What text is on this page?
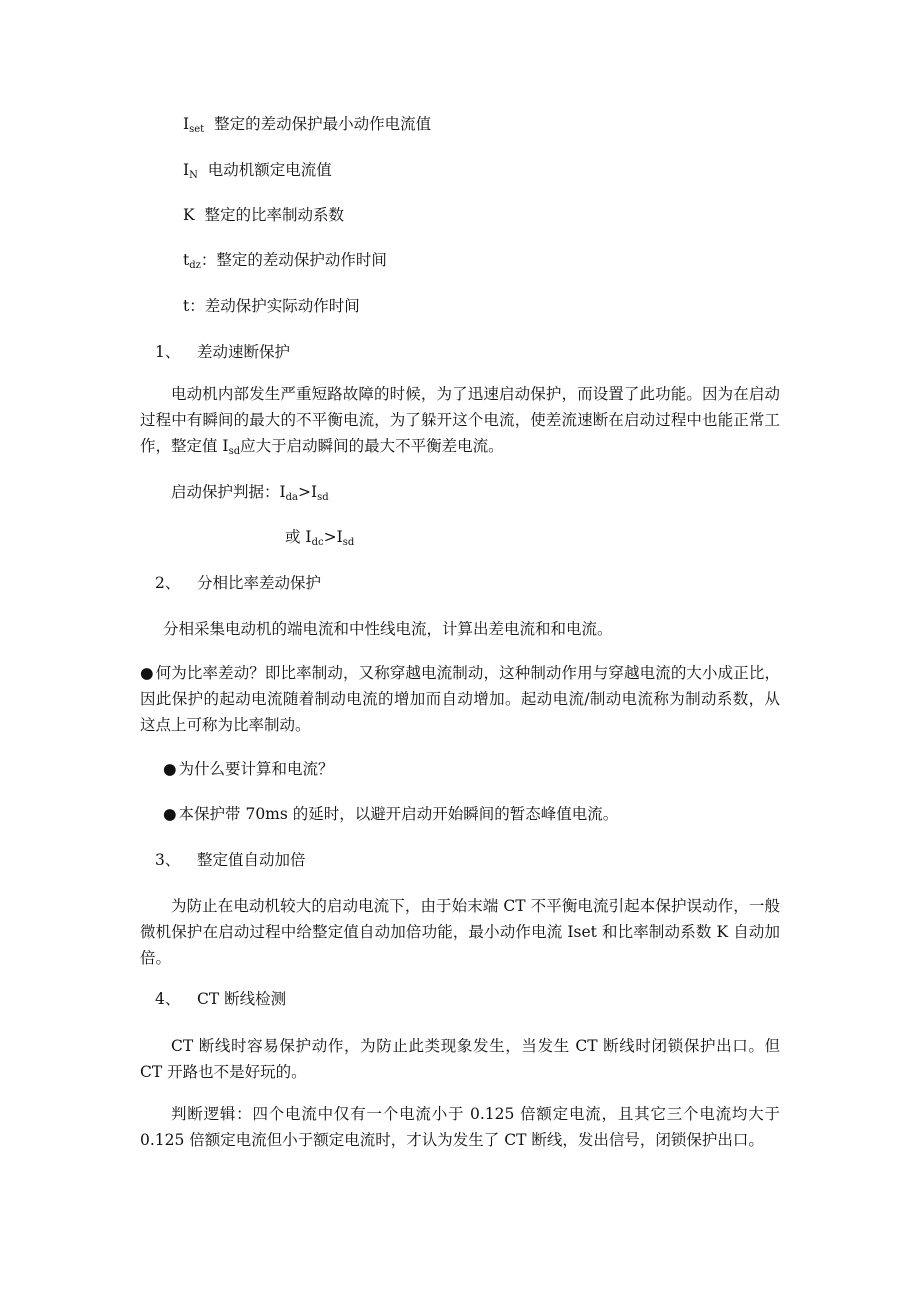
$I_{set}$ 整定的差动保护最小动作电流值
$I_N$ 电动机额定电流值
K 整定的比率制动系数
$t_{dz}$：整定的差动保护动作时间
t：差动保护实际动作时间
1、 差动速断保护
电动机内部发生严重短路故障的时候，为了迅速启动保护，而设置了此功能。因为在启动过程中有瞬间的最大的不平衡电流，为了躲开这个电流，使差流速断在启动过程中也能正常工作，整定值 $I_{sd}$应大于启动瞬间的最大不平衡差电流。
启动保护判据：$I_{da}>I_{sd}$
或 $I_{dc}>I_{sd}$
2、 分相比率差动保护
分相采集电动机的端电流和中性线电流，计算出差电流和和电流。
● 何为比率差动？即比率制动，又称穿越电流制动，这种制动作用与穿越电流的大小成正比，因此保护的起动电流随着制动电流的增加而自动增加。起动电流/制动电流称为制动系数，从这点上可称为比率制动。
● 为什么要计算和电流？
● 本保护带 70ms 的延时，以避开启动开始瞬间的暂态峰值电流。
3、 整定值自动加倍
为防止在电动机较大的启动电流下，由于始末端 CT 不平衡电流引起本保护误动作，一般微机保护在启动过程中给整定值自动加倍功能，最小动作电流 Iset 和比率制动系数 K 自动加倍。
4、 CT 断线检测
CT 断线时容易保护动作，为防止此类现象发生，当发生 CT 断线时闭锁保护出口。但 CT 开路也不是好玩的。
判断逻辑：四个电流中仅有一个电流小于 0.125 倍额定电流，且其它三个电流均大于 0.125 倍额定电流但小于额定电流时，才认为发生了 CT 断线，发出信号，闭锁保护出口。
